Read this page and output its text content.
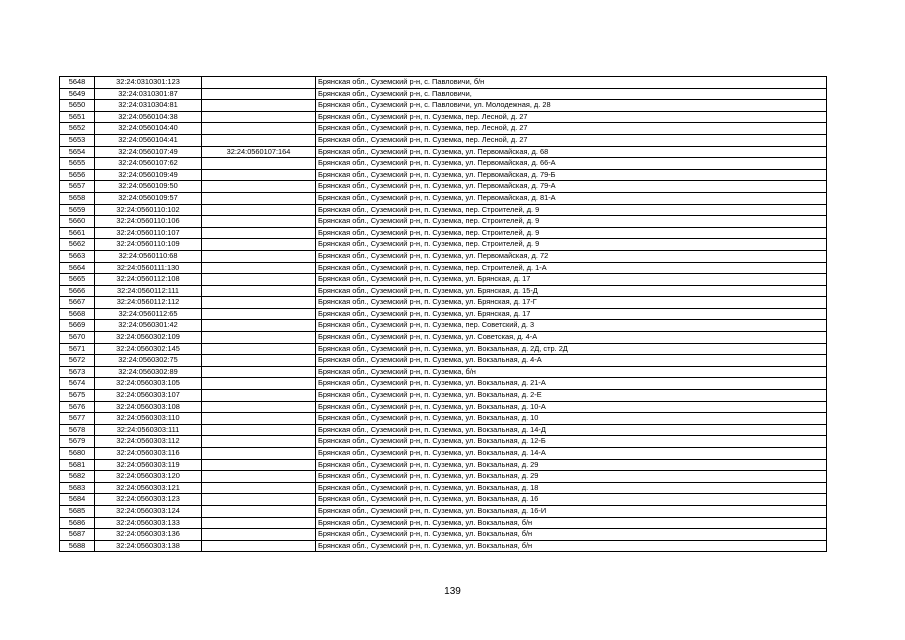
5648	32:24:0310301:123		Брянская обл., Суземский р-н, с. Павловичи, б/н
5649	32:24:0310301:87		Брянская обл., Суземский р-н, с. Павловичи,
5650	32:24:0310304:81		Брянская обл., Суземский р-н, с. Павловичи, ул. Молодежная, д. 28
5651	32:24:0560104:38		Брянская обл., Суземский р-н, п. Суземка, пер. Лесной, д. 27
5652	32:24:0560104:40		Брянская обл., Суземский р-н, п. Суземка, пер. Лесной, д. 27
5653	32:24:0560104:41		Брянская обл., Суземский р-н, п. Суземка, пер. Лесной, д. 27
5654	32:24:0560107:49	32:24:0560107:164	Брянская обл., Суземский р-н, п. Суземка, ул. Первомайская, д. 68
5655	32:24:0560107:62		Брянская обл., Суземский р-н, п. Суземка, ул. Первомайская, д. 66-А
5656	32:24:0560109:49		Брянская обл., Суземский р-н, п. Суземка, ул. Первомайская, д. 79-Б
5657	32:24:0560109:50		Брянская обл., Суземский р-н, п. Суземка, ул. Первомайская, д. 79-А
5658	32:24:0560109:57		Брянская обл., Суземский р-н, п. Суземка, ул. Первомайская, д. 81-А
5659	32:24:0560110:102		Брянская обл., Суземский р-н, п. Суземка, пер. Строителей, д. 9
5660	32:24:0560110:106		Брянская обл., Суземский р-н, п. Суземка, пер. Строителей, д. 9
5661	32:24:0560110:107		Брянская обл., Суземский р-н, п. Суземка, пер. Строителей, д. 9
5662	32:24:0560110:109		Брянская обл., Суземский р-н, п. Суземка, пер. Строителей, д. 9
5663	32:24:0560110:68		Брянская обл., Суземский р-н, п. Суземка, ул. Первомайская, д. 72
5664	32:24:0560111:130		Брянская обл., Суземский р-н, п. Суземка, пер. Строителей, д. 1-А
5665	32:24:0560112:108		Брянская обл., Суземский р-н, п. Суземка, ул. Брянская, д. 17
5666	32:24:0560112:111		Брянская обл., Суземский р-н, п. Суземка, ул. Брянская, д. 15-Д
5667	32:24:0560112:112		Брянская обл., Суземский р-н, п. Суземка, ул. Брянская, д. 17-Г
5668	32:24:0560112:65		Брянская обл., Суземский р-н, п. Суземка, ул. Брянская, д. 17
5669	32:24:0560301:42		Брянская обл., Суземский р-н, п. Суземка, пер. Советский, д. 3
5670	32:24:0560302:109		Брянская обл., Суземский р-н, п. Суземка, ул. Советская, д. 4-А
5671	32:24:0560302:145		Брянская обл., Суземский р-н, п. Суземка, ул. Вокзальная, д. 2Д, стр. 2Д
5672	32:24:0560302:75		Брянская обл., Суземский р-н, п. Суземка, ул. Вокзальная, д. 4-А
5673	32:24:0560302:89		Брянская обл., Суземский р-н, п. Суземка, б/н
5674	32:24:0560303:105		Брянская обл., Суземский р-н, п. Суземка, ул. Вокзальная, д. 21-А
5675	32:24:0560303:107		Брянская обл., Суземский р-н, п. Суземка, ул. Вокзальная, д. 2-Е
5676	32:24:0560303:108		Брянская обл., Суземский р-н, п. Суземка, ул. Вокзальная, д. 10-А
5677	32:24:0560303:110		Брянская обл., Суземский р-н, п. Суземка, ул. Вокзальная, д. 10
5678	32:24:0560303:111		Брянская обл., Суземский р-н, п. Суземка, ул. Вокзальная, д. 14-Д
5679	32:24:0560303:112		Брянская обл., Суземский р-н, п. Суземка, ул. Вокзальная, д. 12-Б
5680	32:24:0560303:116		Брянская обл., Суземский р-н, п. Суземка, ул. Вокзальная, д. 14-А
5681	32:24:0560303:119		Брянская обл., Суземский р-н, п. Суземка, ул. Вокзальная, д. 29
5682	32:24:0560303:120		Брянская обл., Суземский р-н, п. Суземка, ул. Вокзальная, д. 29
5683	32:24:0560303:121		Брянская обл., Суземский р-н, п. Суземка, ул. Вокзальная, д. 18
5684	32:24:0560303:123		Брянская обл., Суземский р-н, п. Суземка, ул. Вокзальная, д. 16
5685	32:24:0560303:124		Брянская обл., Суземский р-н, п. Суземка, ул. Вокзальная, д. 16-И
5686	32:24:0560303:133		Брянская обл., Суземский р-н, п. Суземка, ул. Вокзальная, б/н
5687	32:24:0560303:136		Брянская обл., Суземский р-н, п. Суземка, ул. Вокзальная, б/н
5688	32:24:0560303:138		Брянская обл., Суземский р-н, п. Суземка, ул. Вокзальная, б/н
139
